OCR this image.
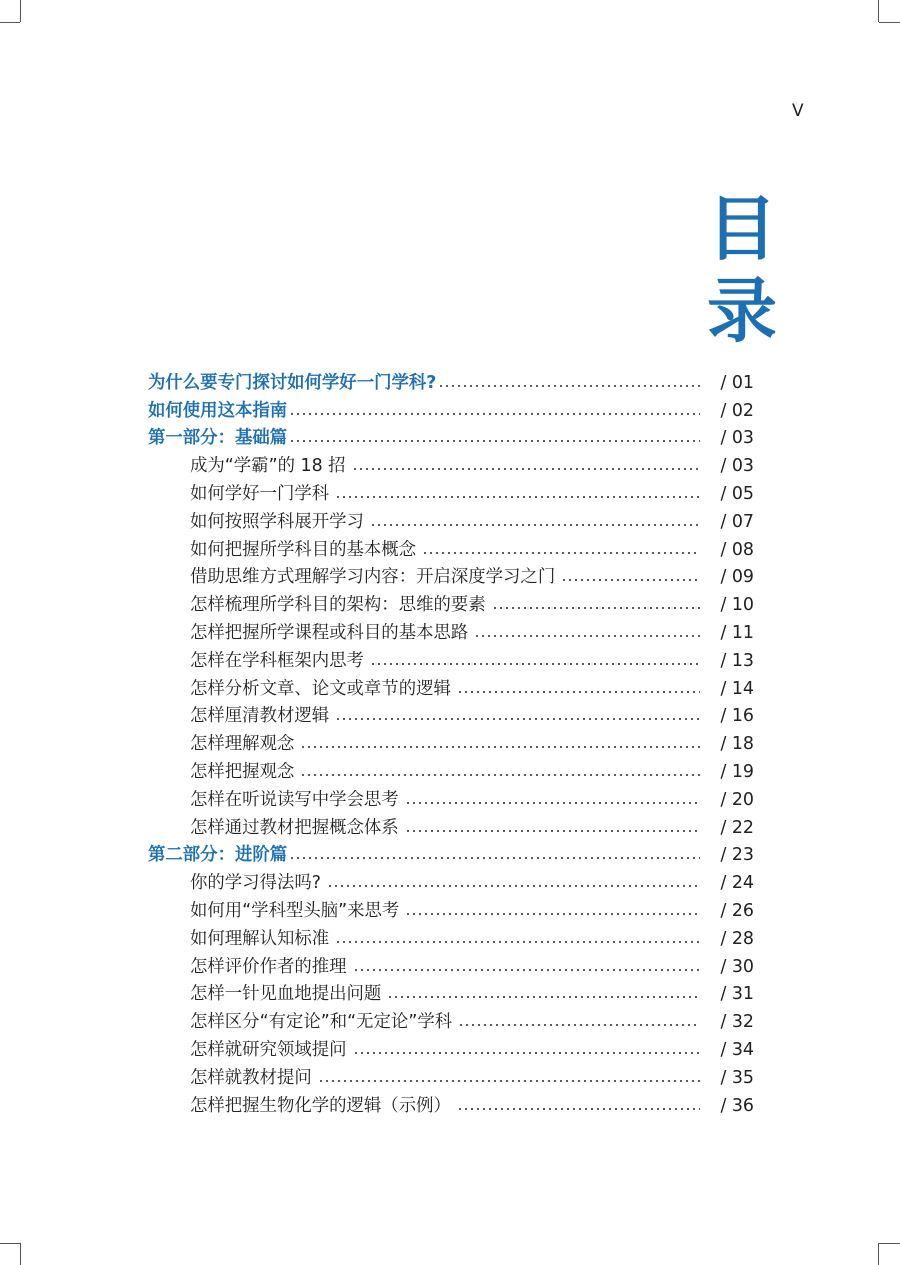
V
目
录
为什么要专门探讨如何学好一门学科?	/ 01
如何使用这本指南	/ 02
第一部分：基础篇	/ 03
成为“学霸”的 18 招	/ 03
如何学好一门学科	/ 05
如何按照学科展开学习	/ 07
如何把握所学科目的基本概念	/ 08
借助思维方式理解学习内容：开启深度学习之门	/ 09
怎样梳理所学科目的架构：思维的要素	/ 10
怎样把握所学课程或科目的基本思路	/ 11
怎样在学科框架内思考	/ 13
怎样分析文章、论文或章节的逻辑	/ 14
怎样厘清教材逻辑	/ 16
怎样理解观念	/ 18
怎样把握观念	/ 19
怎样在听说读写中学会思考	/ 20
怎样通过教材把握概念体系	/ 22
第二部分：进阶篇	/ 23
你的学习得法吗?	/ 24
如何用“学科型头脑”来思考	/ 26
如何理解认知标准	/ 28
怎样评价作者的推理	/ 30
怎样一针见血地提出问题	/ 31
怎样区分“有定论”和“无定论”学科	/ 32
怎样就研究领域提问	/ 34
怎样就教材提问	/ 35
怎样把握生物化学的逻辑（示例）	/ 36
